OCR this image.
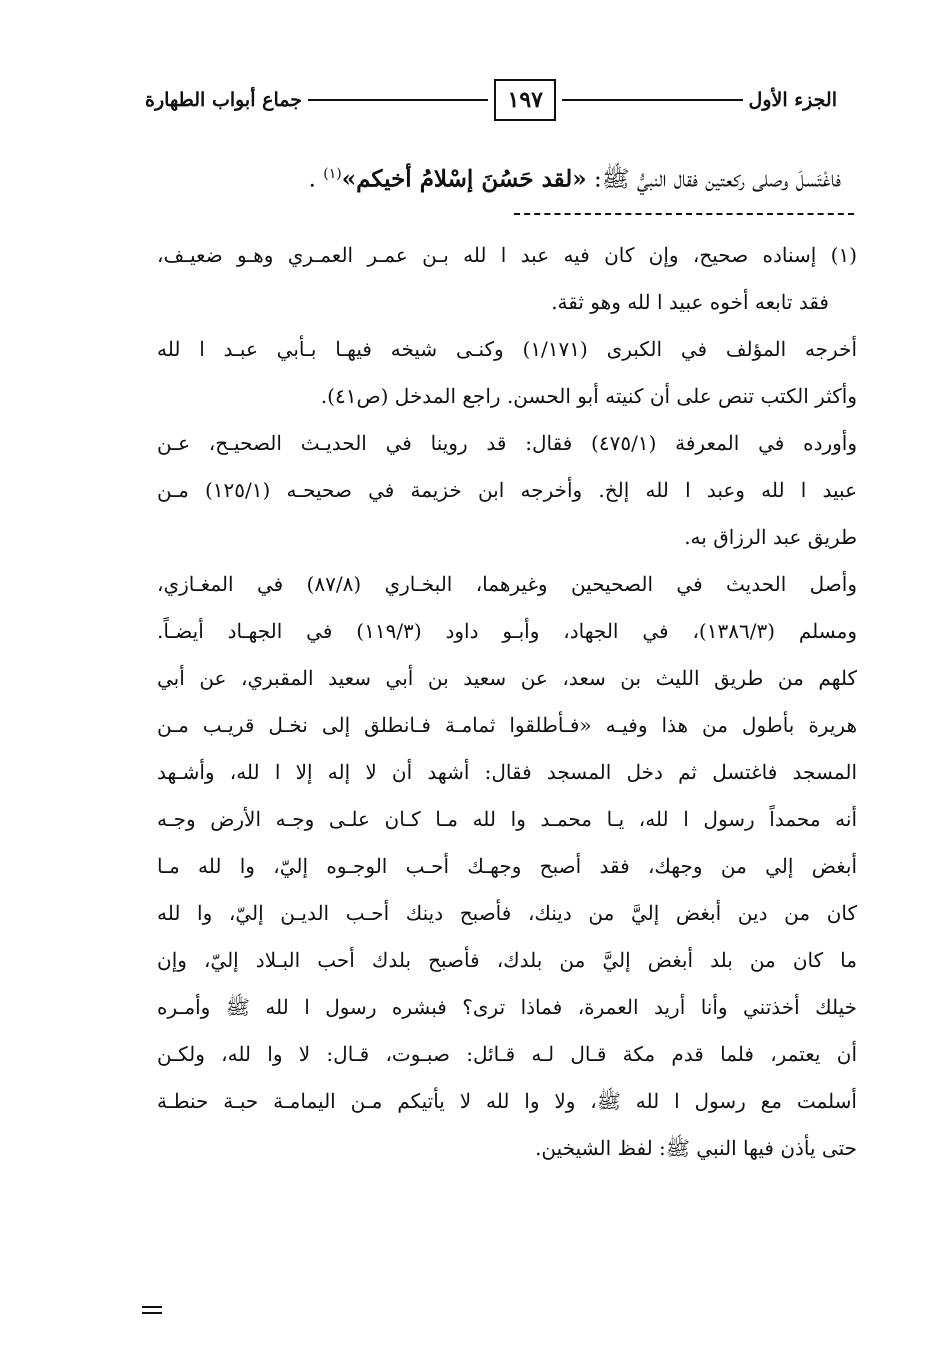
الجزء الأول
١٩٧
جماع أبواب الطهارة
فاغْتَسلَ وصلى ركعتين فقال النبيُّ ﷺ: «لقد حَسُنَ إسْلامُ أخيكم»$^{(١)}$ .
(١) إسناده صحيح، وإن كان فيه عبد ا لله بـن عمـر العمـري وهـو ضعيـف،
فقد تابعه أخوه عبيد ا لله وهو ثقة.
أخرجه المؤلف في الكبرى (١/١٧١) وكنـى شيخه فيهـا بـأبي عبـد ا لله
وأكثر الكتب تنص على أن كنيته أبو الحسن. راجع المدخل (ص٤١).
وأورده في المعرفة (٤٧٥/١) فقال: قد روينا في الحديـث الصحيـح، عـن
عبيد ا لله وعبد ا لله إلخ. وأخرجه ابن خزيمة في صحيحـه (١٢٥/١) مـن
طريق عبد الرزاق به.
وأصل الحديث في الصحيحين وغيرهما، البخـاري (٨٧/٨) في المغـازي،
ومسلم (١٣٨٦/٣)، في الجهاد، وأبـو داود (١١٩/٣) في الجهـاد أيضـاً.
كلهم من طريق الليث بن سعد، عن سعيد بن أبي سعيد المقبري، عن أبي
هريرة بأطول من هذا وفيـه «فـأطلقوا ثمامـة فـانطلق إلى نخـل قريـب مـن
المسجد فاغتسل ثم دخل المسجد فقال: أشهد أن لا إله إلا ا لله، وأشـهد
أنه محمداً رسول ا لله، يـا محمـد وا لله مـا كـان علـى وجـه الأرض وجـه
أبغض إلي من وجهك، فقد أصبح وجهـك أحـب الوجـوه إليّ، وا لله مـا
كان من دين أبغض إليَّ من دينك، فأصبح دينك أحـب الديـن إليّ، وا لله
ما كان من بلد أبغض إليَّ من بلدك، فأصبح بلدك أحب البـلاد إليّ، وإن
خيلك أخذتني وأنا أريد العمرة، فماذا ترى؟ فبشره رسول ا لله ﷺ وأمـره
أن يعتمر، فلما قدم مكة قـال لـه قـائل: صبـوت، قـال: لا وا لله، ولكـن
أسلمت مع رسول ا لله ﷺ، ولا وا لله لا يأتيكم مـن اليمامـة حبـة حنطـة
حتى يأذن فيها النبي ﷺ: لفظ الشيخين.
